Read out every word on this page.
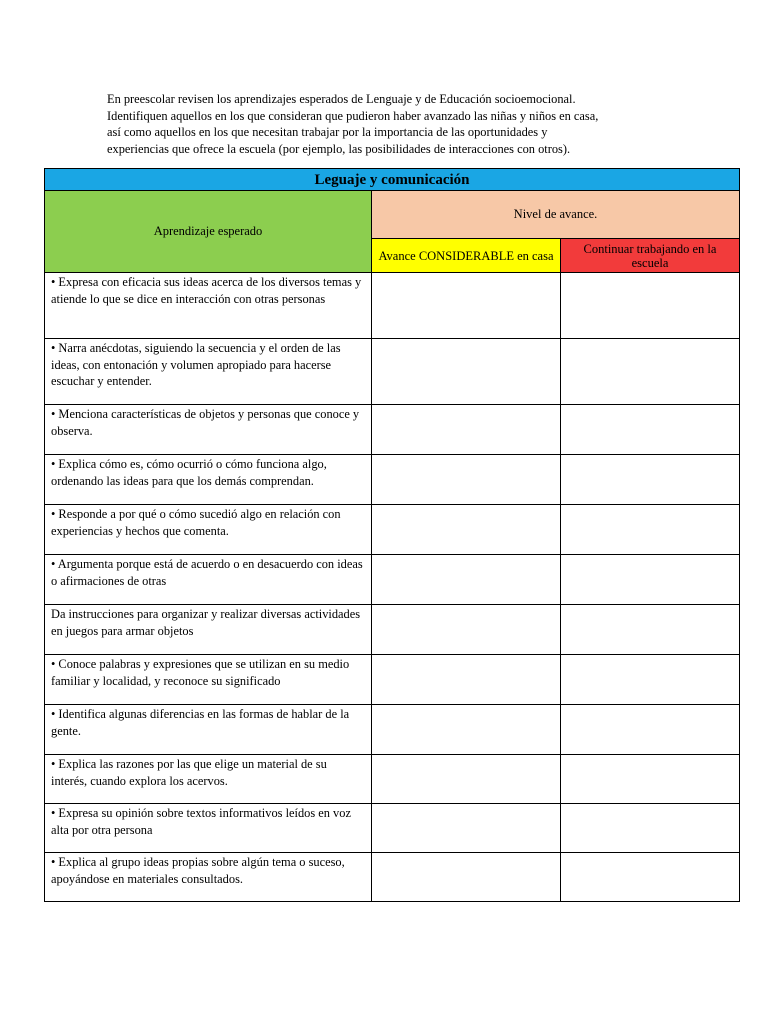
En preescolar revisen los aprendizajes esperados de Lenguaje y de Educación socioemocional.
Identifiquen aquellos en los que consideran que pudieron haber avanzado las niñas y niños en casa,
así como aquellos en los que necesitan trabajar por la importancia de las oportunidades y
experiencias que ofrece la escuela (por ejemplo, las posibilidades de interacciones con otros).
Leguaje y comunicación		
Aprendizaje esperado	Nivel de avance.	
	Avance CONSIDERABLE en casa	Continuar trabajando en la escuela
• Expresa con eficacia sus ideas acerca de los diversos temas y atiende lo que se dice en interacción con otras personas		
• Narra anécdotas, siguiendo la secuencia y el orden de las ideas, con entonación y volumen apropiado para hacerse escuchar y entender.		
• Menciona características de objetos y personas que conoce y observa.		
• Explica cómo es, cómo ocurrió o cómo funciona algo, ordenando las ideas para que los demás comprendan.		
• Responde a por qué o cómo sucedió algo en relación con experiencias y hechos que comenta.		
• Argumenta porque está de acuerdo o en desacuerdo con ideas o afirmaciones de otras		
Da instrucciones para organizar y realizar diversas actividades en juegos para armar objetos		
• Conoce palabras y expresiones que se utilizan en su medio familiar y localidad, y reconoce su significado		
• Identifica algunas diferencias en las formas de hablar de la gente.		
• Explica las razones por las que elige un material de su interés, cuando explora los acervos.		
• Expresa su opinión sobre textos informativos leídos en voz alta por otra persona		
• Explica al grupo ideas propias sobre algún tema o suceso, apoyándose en materiales consultados.		
